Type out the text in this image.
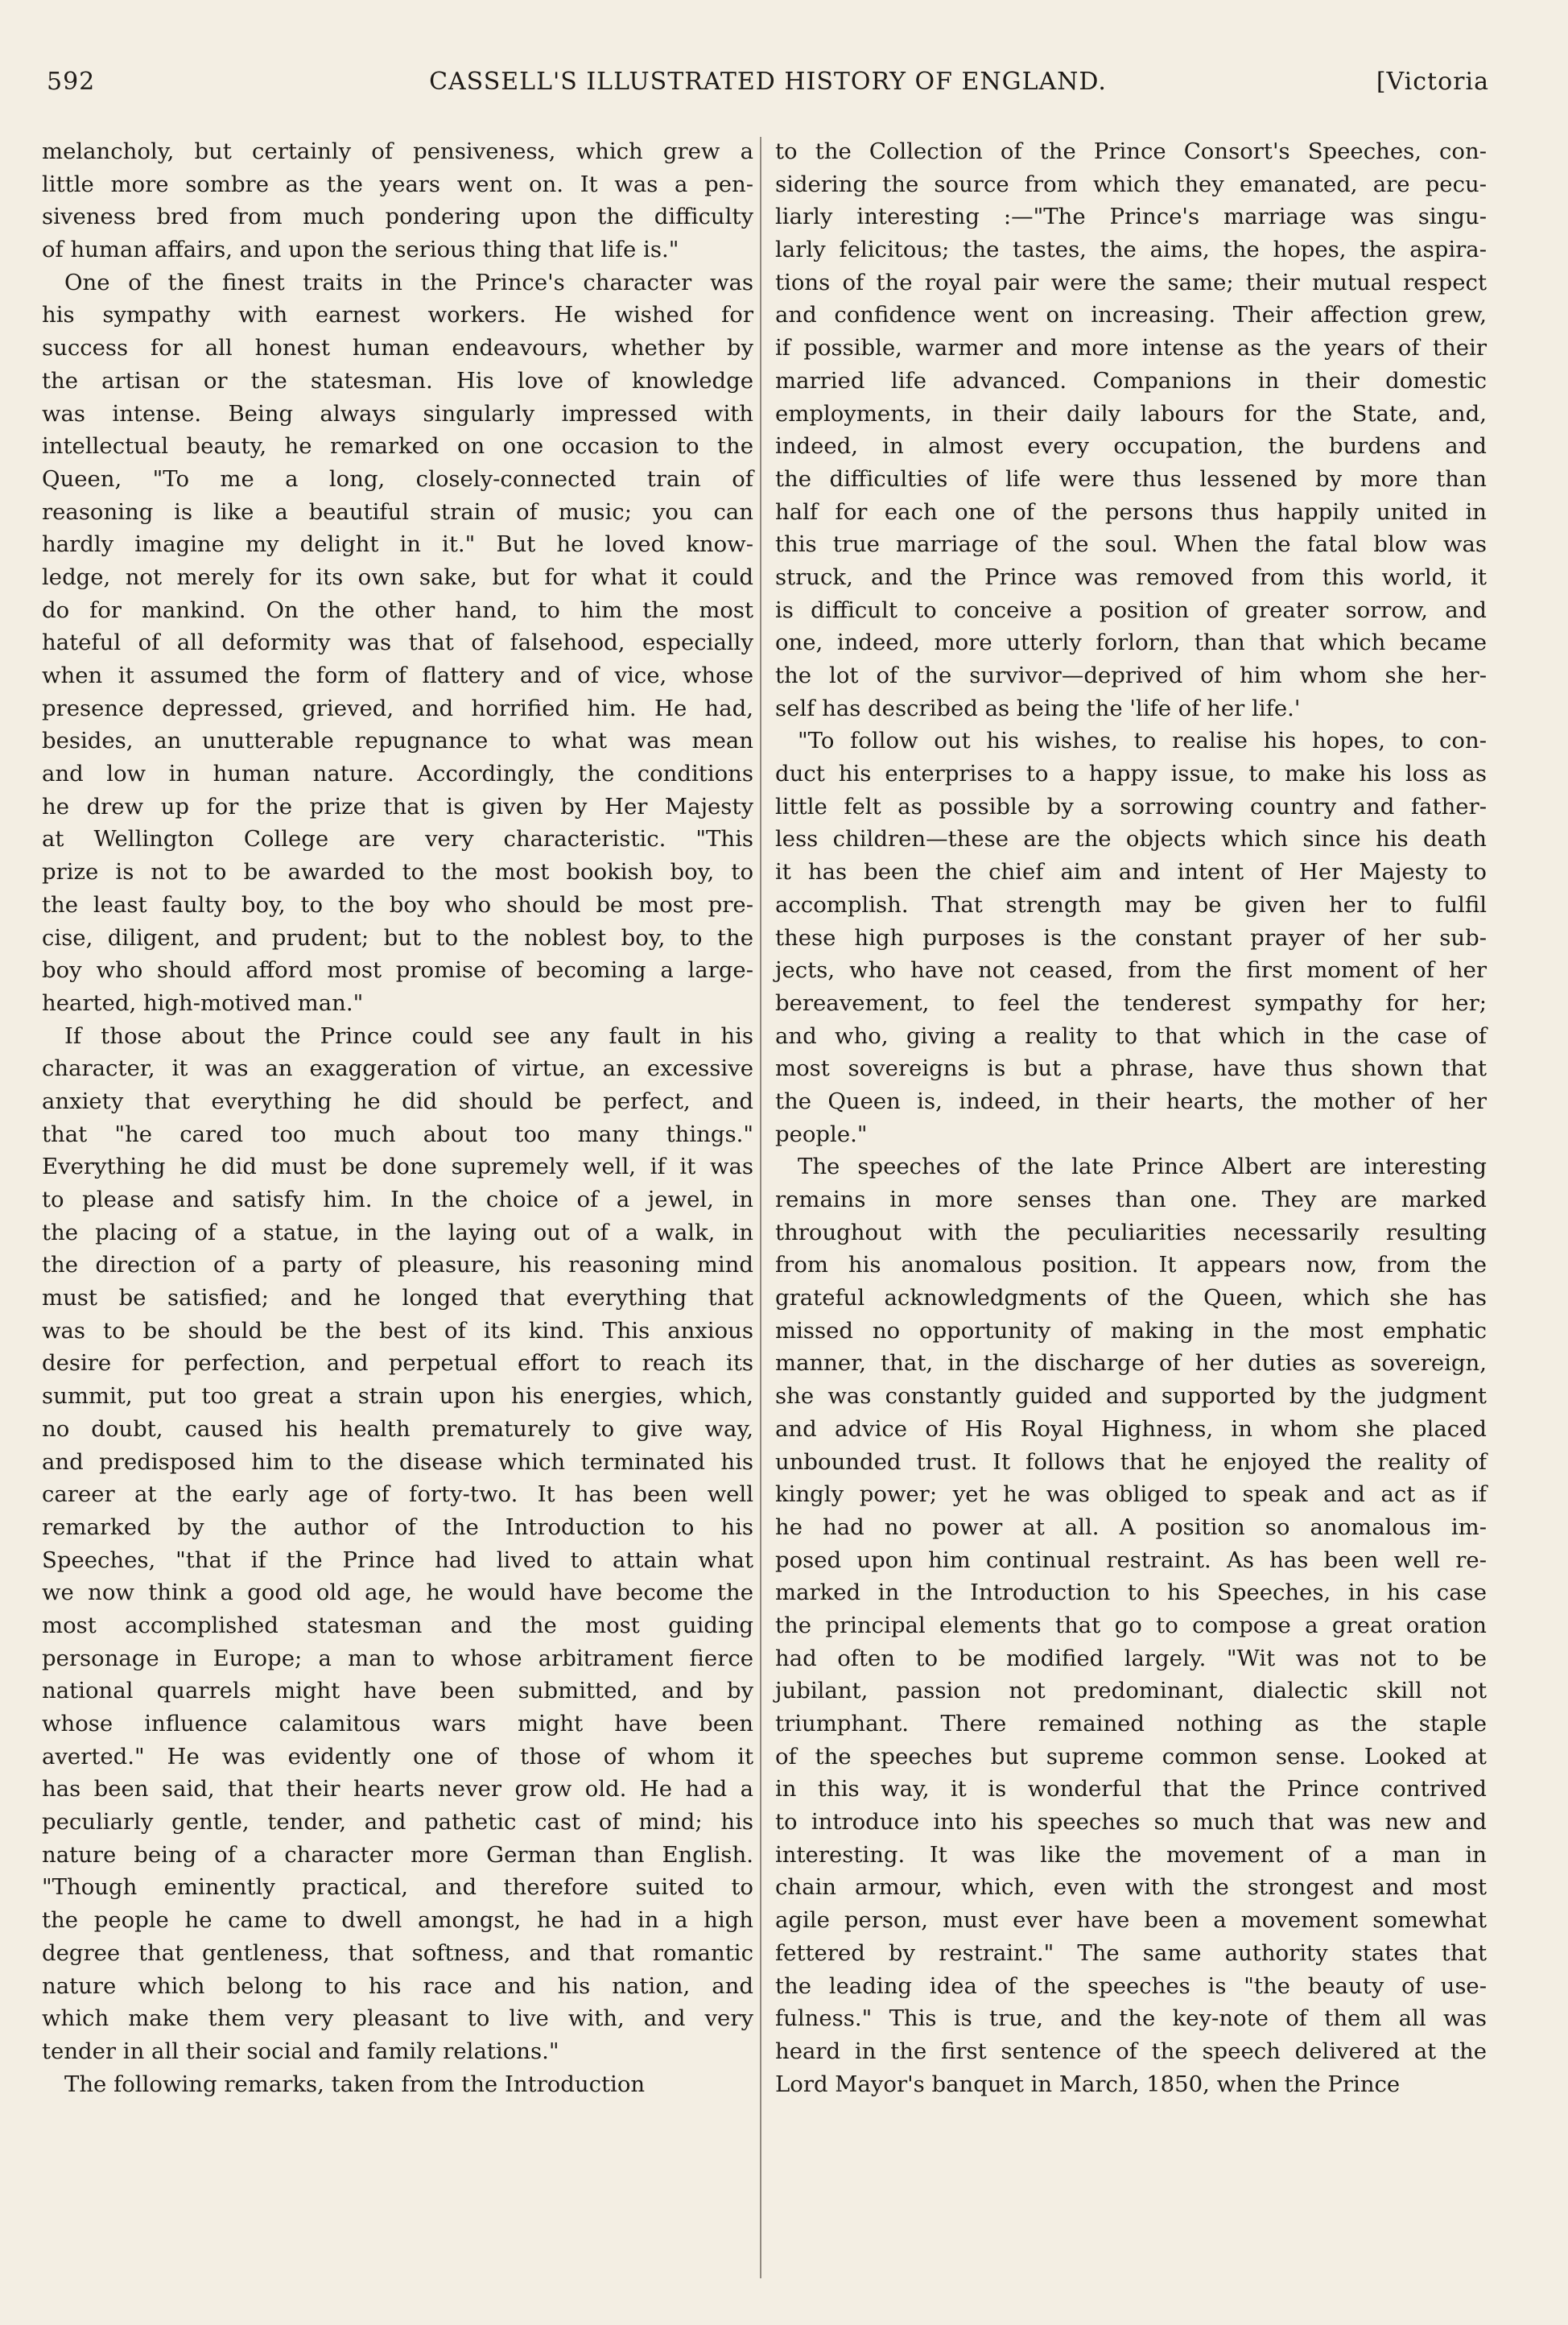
592	CASSELL'S ILLUSTRATED HISTORY OF ENGLAND.	[Victoria
melancholy, but certainly of pensiveness, which grew a
little more sombre as the years went on. It was a pen-
siveness bred from much pondering upon the difficulty
of human affairs, and upon the serious thing that life is."
One of the finest traits in the Prince's character was
his sympathy with earnest workers. He wished for
success for all honest human endeavours, whether by
the artisan or the statesman. His love of knowledge
was intense. Being always singularly impressed with
intellectual beauty, he remarked on one occasion to the
Queen, "To me a long, closely-connected train of
reasoning is like a beautiful strain of music; you can
hardly imagine my delight in it." But he loved know-
ledge, not merely for its own sake, but for what it could
do for mankind. On the other hand, to him the most
hateful of all deformity was that of falsehood, especially
when it assumed the form of flattery and of vice, whose
presence depressed, grieved, and horrified him. He had,
besides, an unutterable repugnance to what was mean
and low in human nature. Accordingly, the conditions
he drew up for the prize that is given by Her Majesty
at Wellington College are very characteristic. "This
prize is not to be awarded to the most bookish boy, to
the least faulty boy, to the boy who should be most pre-
cise, diligent, and prudent; but to the noblest boy, to the
boy who should afford most promise of becoming a large-
hearted, high-motived man."
If those about the Prince could see any fault in his
character, it was an exaggeration of virtue, an excessive
anxiety that everything he did should be perfect, and
that "he cared too much about too many things."
Everything he did must be done supremely well, if it was
to please and satisfy him. In the choice of a jewel, in
the placing of a statue, in the laying out of a walk, in
the direction of a party of pleasure, his reasoning mind
must be satisfied; and he longed that everything that
was to be should be the best of its kind. This anxious
desire for perfection, and perpetual effort to reach its
summit, put too great a strain upon his energies, which,
no doubt, caused his health prematurely to give way,
and predisposed him to the disease which terminated his
career at the early age of forty-two. It has been well
remarked by the author of the Introduction to his
Speeches, "that if the Prince had lived to attain what
we now think a good old age, he would have become the
most accomplished statesman and the most guiding
personage in Europe; a man to whose arbitrament fierce
national quarrels might have been submitted, and by
whose influence calamitous wars might have been
averted." He was evidently one of those of whom it
has been said, that their hearts never grow old. He had a
peculiarly gentle, tender, and pathetic cast of mind; his
nature being of a character more German than English.
"Though eminently practical, and therefore suited to
the people he came to dwell amongst, he had in a high
degree that gentleness, that softness, and that romantic
nature which belong to his race and his nation, and
which make them very pleasant to live with, and very
tender in all their social and family relations."
The following remarks, taken from the Introduction
to the Collection of the Prince Consort's Speeches, con-
sidering the source from which they emanated, are pecu-
liarly interesting :—"The Prince's marriage was singu-
larly felicitous; the tastes, the aims, the hopes, the aspira-
tions of the royal pair were the same; their mutual respect
and confidence went on increasing. Their affection grew,
if possible, warmer and more intense as the years of their
married life advanced. Companions in their domestic
employments, in their daily labours for the State, and,
indeed, in almost every occupation, the burdens and
the difficulties of life were thus lessened by more than
half for each one of the persons thus happily united in
this true marriage of the soul. When the fatal blow was
struck, and the Prince was removed from this world, it
is difficult to conceive a position of greater sorrow, and
one, indeed, more utterly forlorn, than that which became
the lot of the survivor—deprived of him whom she her-
self has described as being the 'life of her life.'
"To follow out his wishes, to realise his hopes, to con-
duct his enterprises to a happy issue, to make his loss as
little felt as possible by a sorrowing country and father-
less children—these are the objects which since his death
it has been the chief aim and intent of Her Majesty to
accomplish. That strength may be given her to fulfil
these high purposes is the constant prayer of her sub-
jects, who have not ceased, from the first moment of her
bereavement, to feel the tenderest sympathy for her;
and who, giving a reality to that which in the case of
most sovereigns is but a phrase, have thus shown that
the Queen is, indeed, in their hearts, the mother of her
people."
The speeches of the late Prince Albert are interesting
remains in more senses than one. They are marked
throughout with the peculiarities necessarily resulting
from his anomalous position. It appears now, from the
grateful acknowledgments of the Queen, which she has
missed no opportunity of making in the most emphatic
manner, that, in the discharge of her duties as sovereign,
she was constantly guided and supported by the judgment
and advice of His Royal Highness, in whom she placed
unbounded trust. It follows that he enjoyed the reality of
kingly power; yet he was obliged to speak and act as if
he had no power at all. A position so anomalous im-
posed upon him continual restraint. As has been well re-
marked in the Introduction to his Speeches, in his case
the principal elements that go to compose a great oration
had often to be modified largely. "Wit was not to be
jubilant, passion not predominant, dialectic skill not
triumphant. There remained nothing as the staple
of the speeches but supreme common sense. Looked at
in this way, it is wonderful that the Prince contrived
to introduce into his speeches so much that was new and
interesting. It was like the movement of a man in
chain armour, which, even with the strongest and most
agile person, must ever have been a movement somewhat
fettered by restraint." The same authority states that
the leading idea of the speeches is "the beauty of use-
fulness." This is true, and the key-note of them all was
heard in the first sentence of the speech delivered at the
Lord Mayor's banquet in March, 1850, when the Prince
